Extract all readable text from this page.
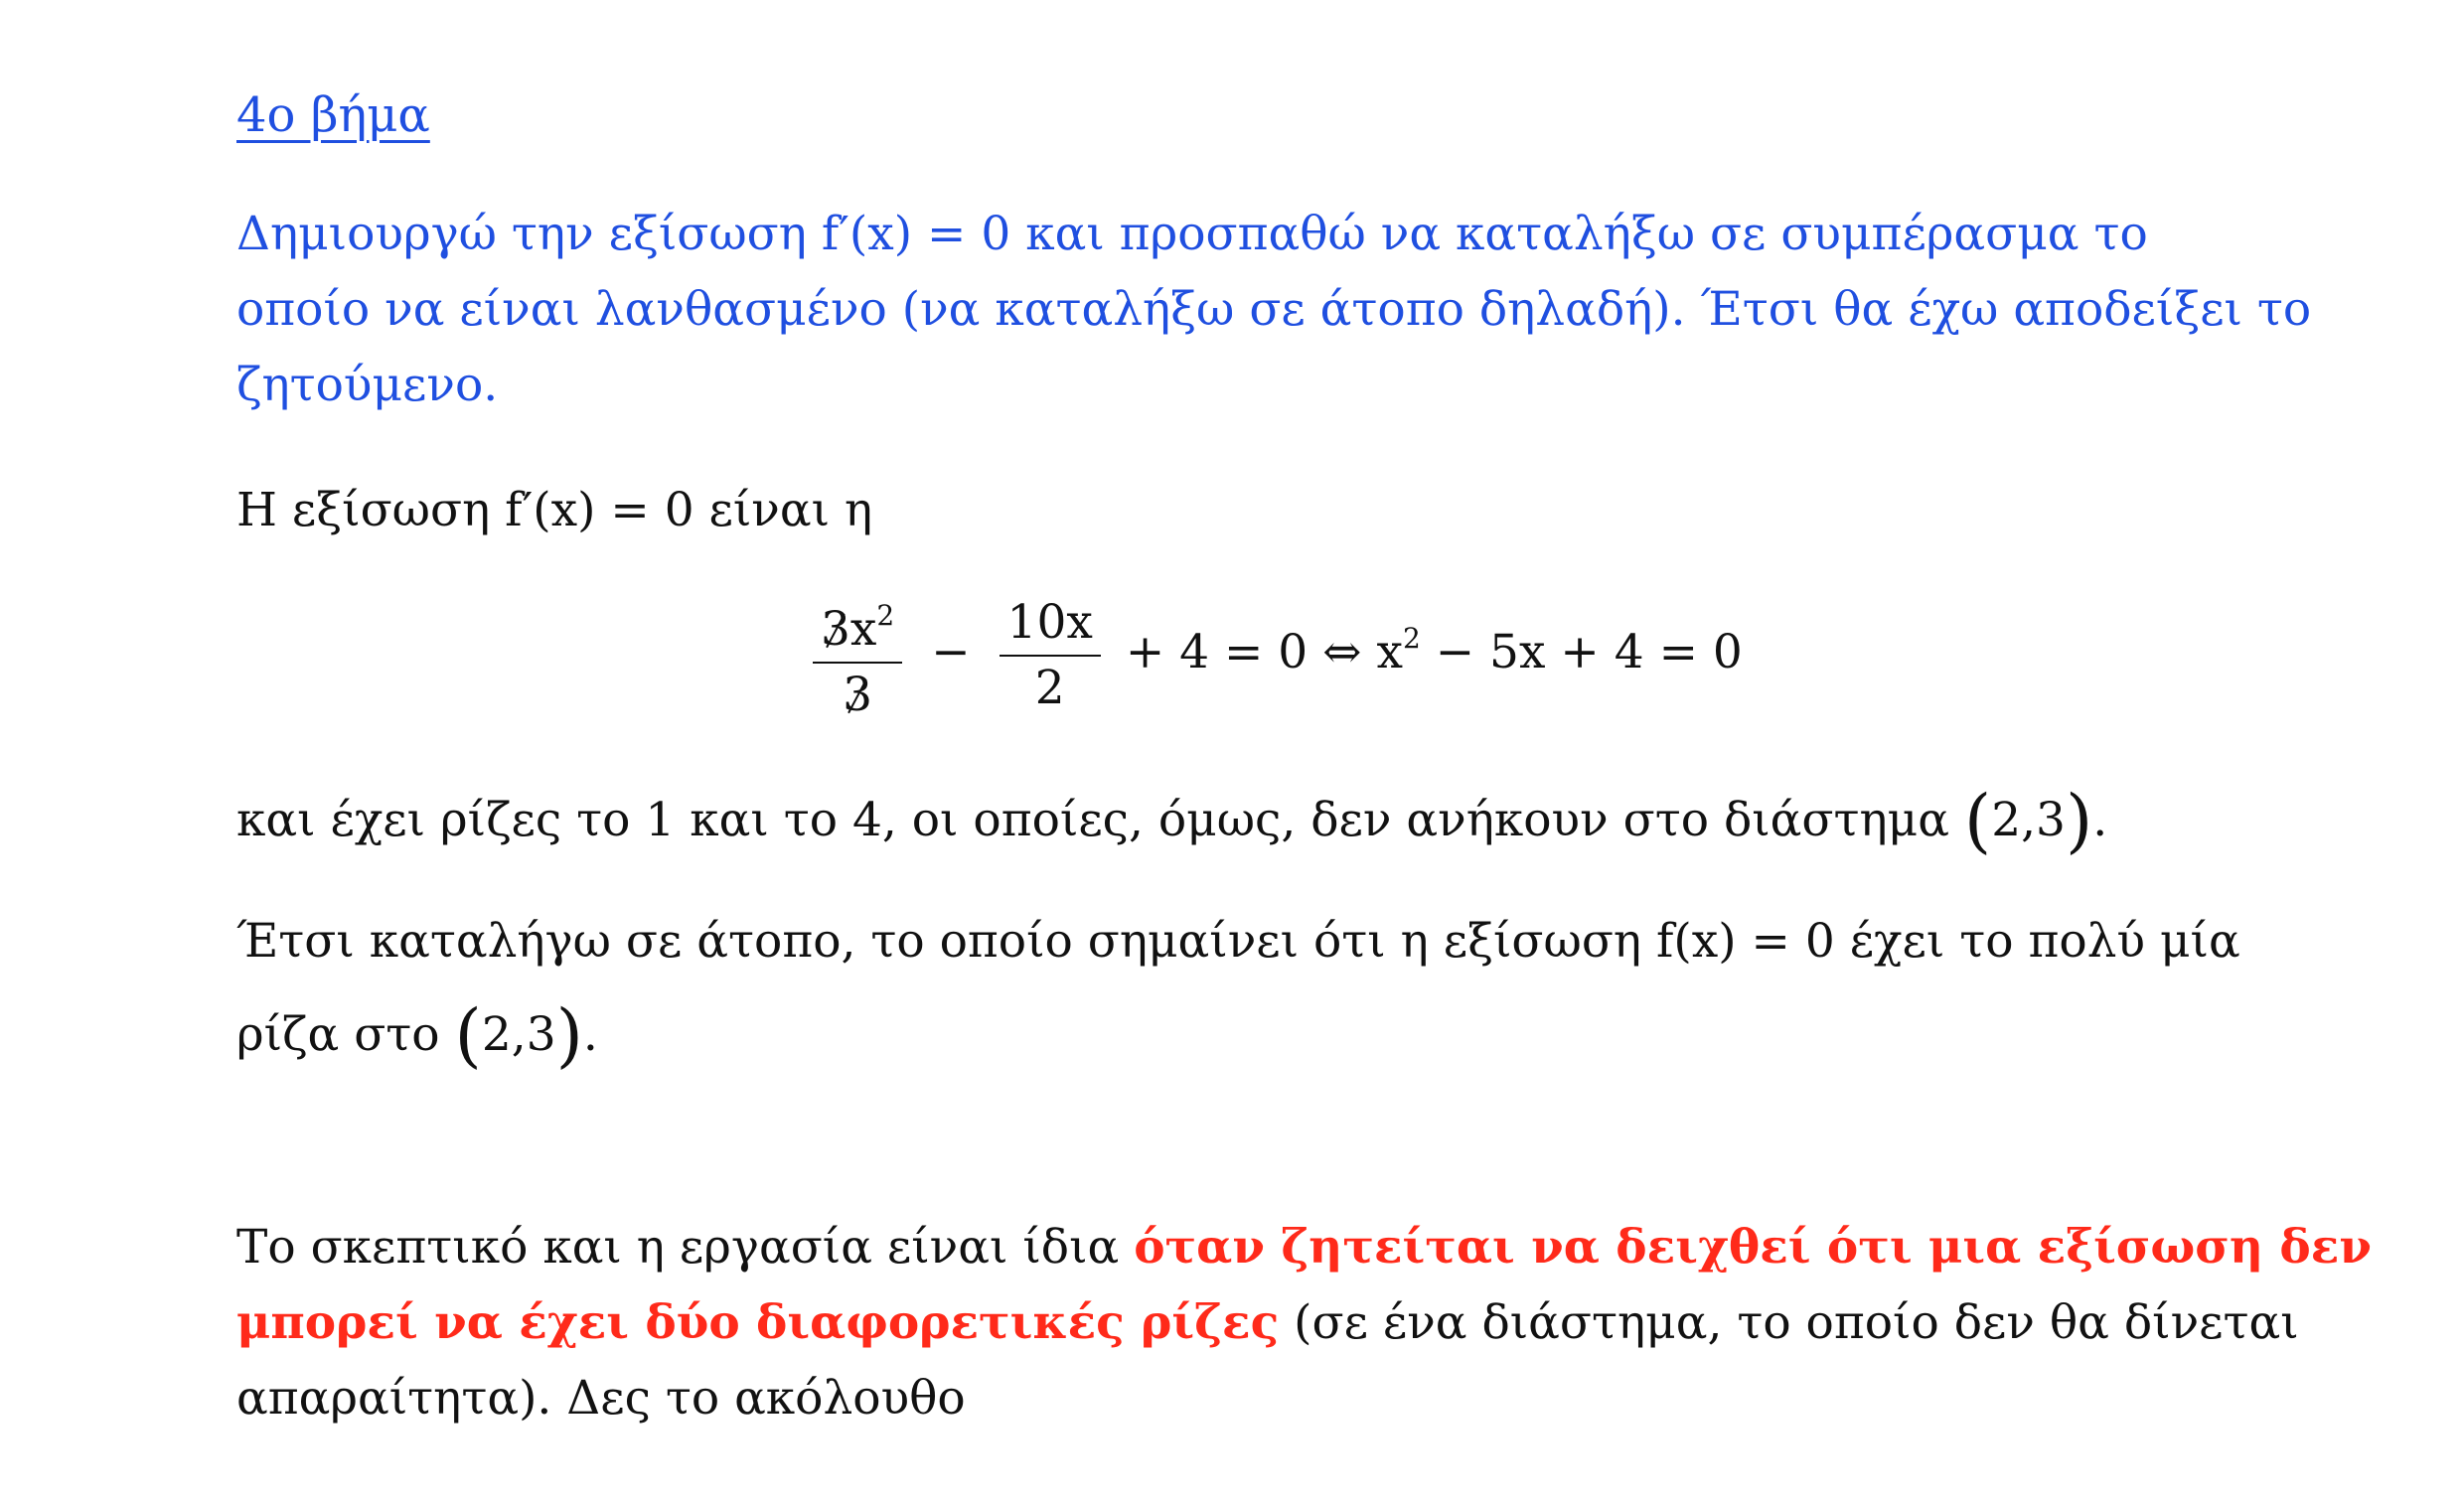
4ο βήμα
Δημιουργώ την εξίσωση f′(x) = 0 και προσπαθώ να καταλήξω σε συμπέρασμα το
οποίο να είναι λανθασμένο (να καταλήξω σε άτοπο δηλαδή). Έτσι θα έχω αποδείξει το
ζητούμενο.
Η εξίσωση f′(x) = 0 είναι η
$\frac{3x^2}{3} - \frac{10x}{2} + 4 = 0$ ⇔ $x^2 - 5x + 4 = 0$
και έχει ρίζες το 1 και το 4, οι οποίες, όμως, δεν ανήκουν στο διάστημα (2,3).
Έτσι καταλήγω σε άτοπο, το οποίο σημαίνει ότι η εξίσωση f(x) = 0 έχει το πολύ μία
ρίζα στο (2,3).
Το σκεπτικό και η εργασία είναι ίδια όταν ζητείται να δειχθεί ότι μια εξίσωση δεν
μπορεί να έχει δύο διαφορετικές ρίζες (σε ένα διάστημα, το οποίο δεν θα δίνεται
απαραίτητα). Δες το ακόλουθο
